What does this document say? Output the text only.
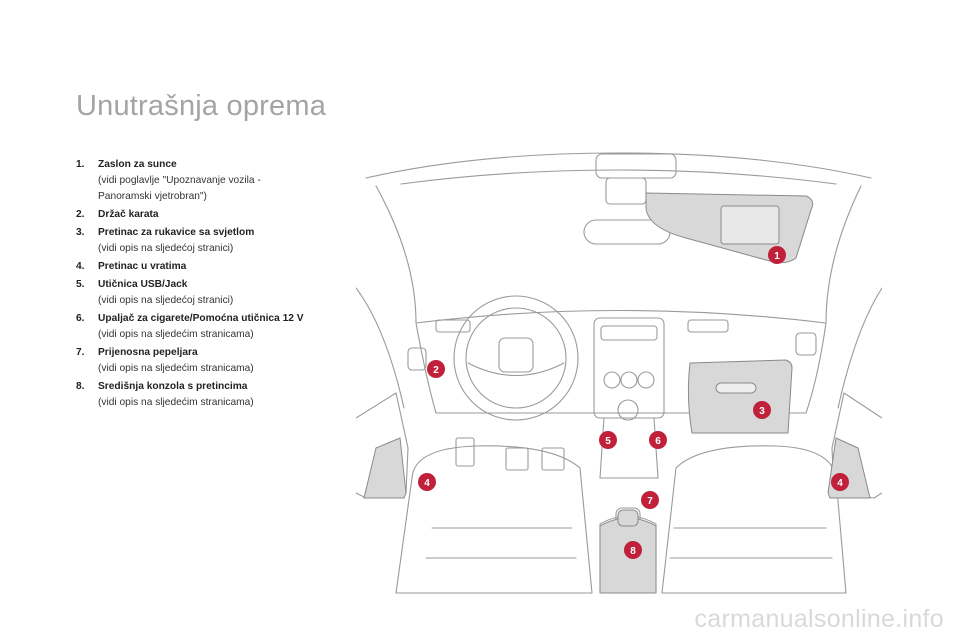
Unutrašnja oprema
1.	Zaslon za sunce
(vidi poglavlje "Upoznavanje vozila -
Panoramski vjetrobran")
2.	Držač karata
3.	Pretinac za rukavice sa svjetlom
(vidi opis na sljedećoj stranici)
4.	Pretinac u vratima
5.	Utičnica USB/Jack
(vidi opis na sljedećoj stranici)
6.	Upaljač za cigarete/Pomoćna utičnica 12 V
(vidi opis na sljedećim stranicama)
7.	Prijenosna pepeljara
(vidi opis na sljedećim stranicama)
8.	Središnja konzola s pretincima
(vidi opis na sljedećim stranicama)
1
2
3
4	4
5	6
7
8
carmanualsonline.info
